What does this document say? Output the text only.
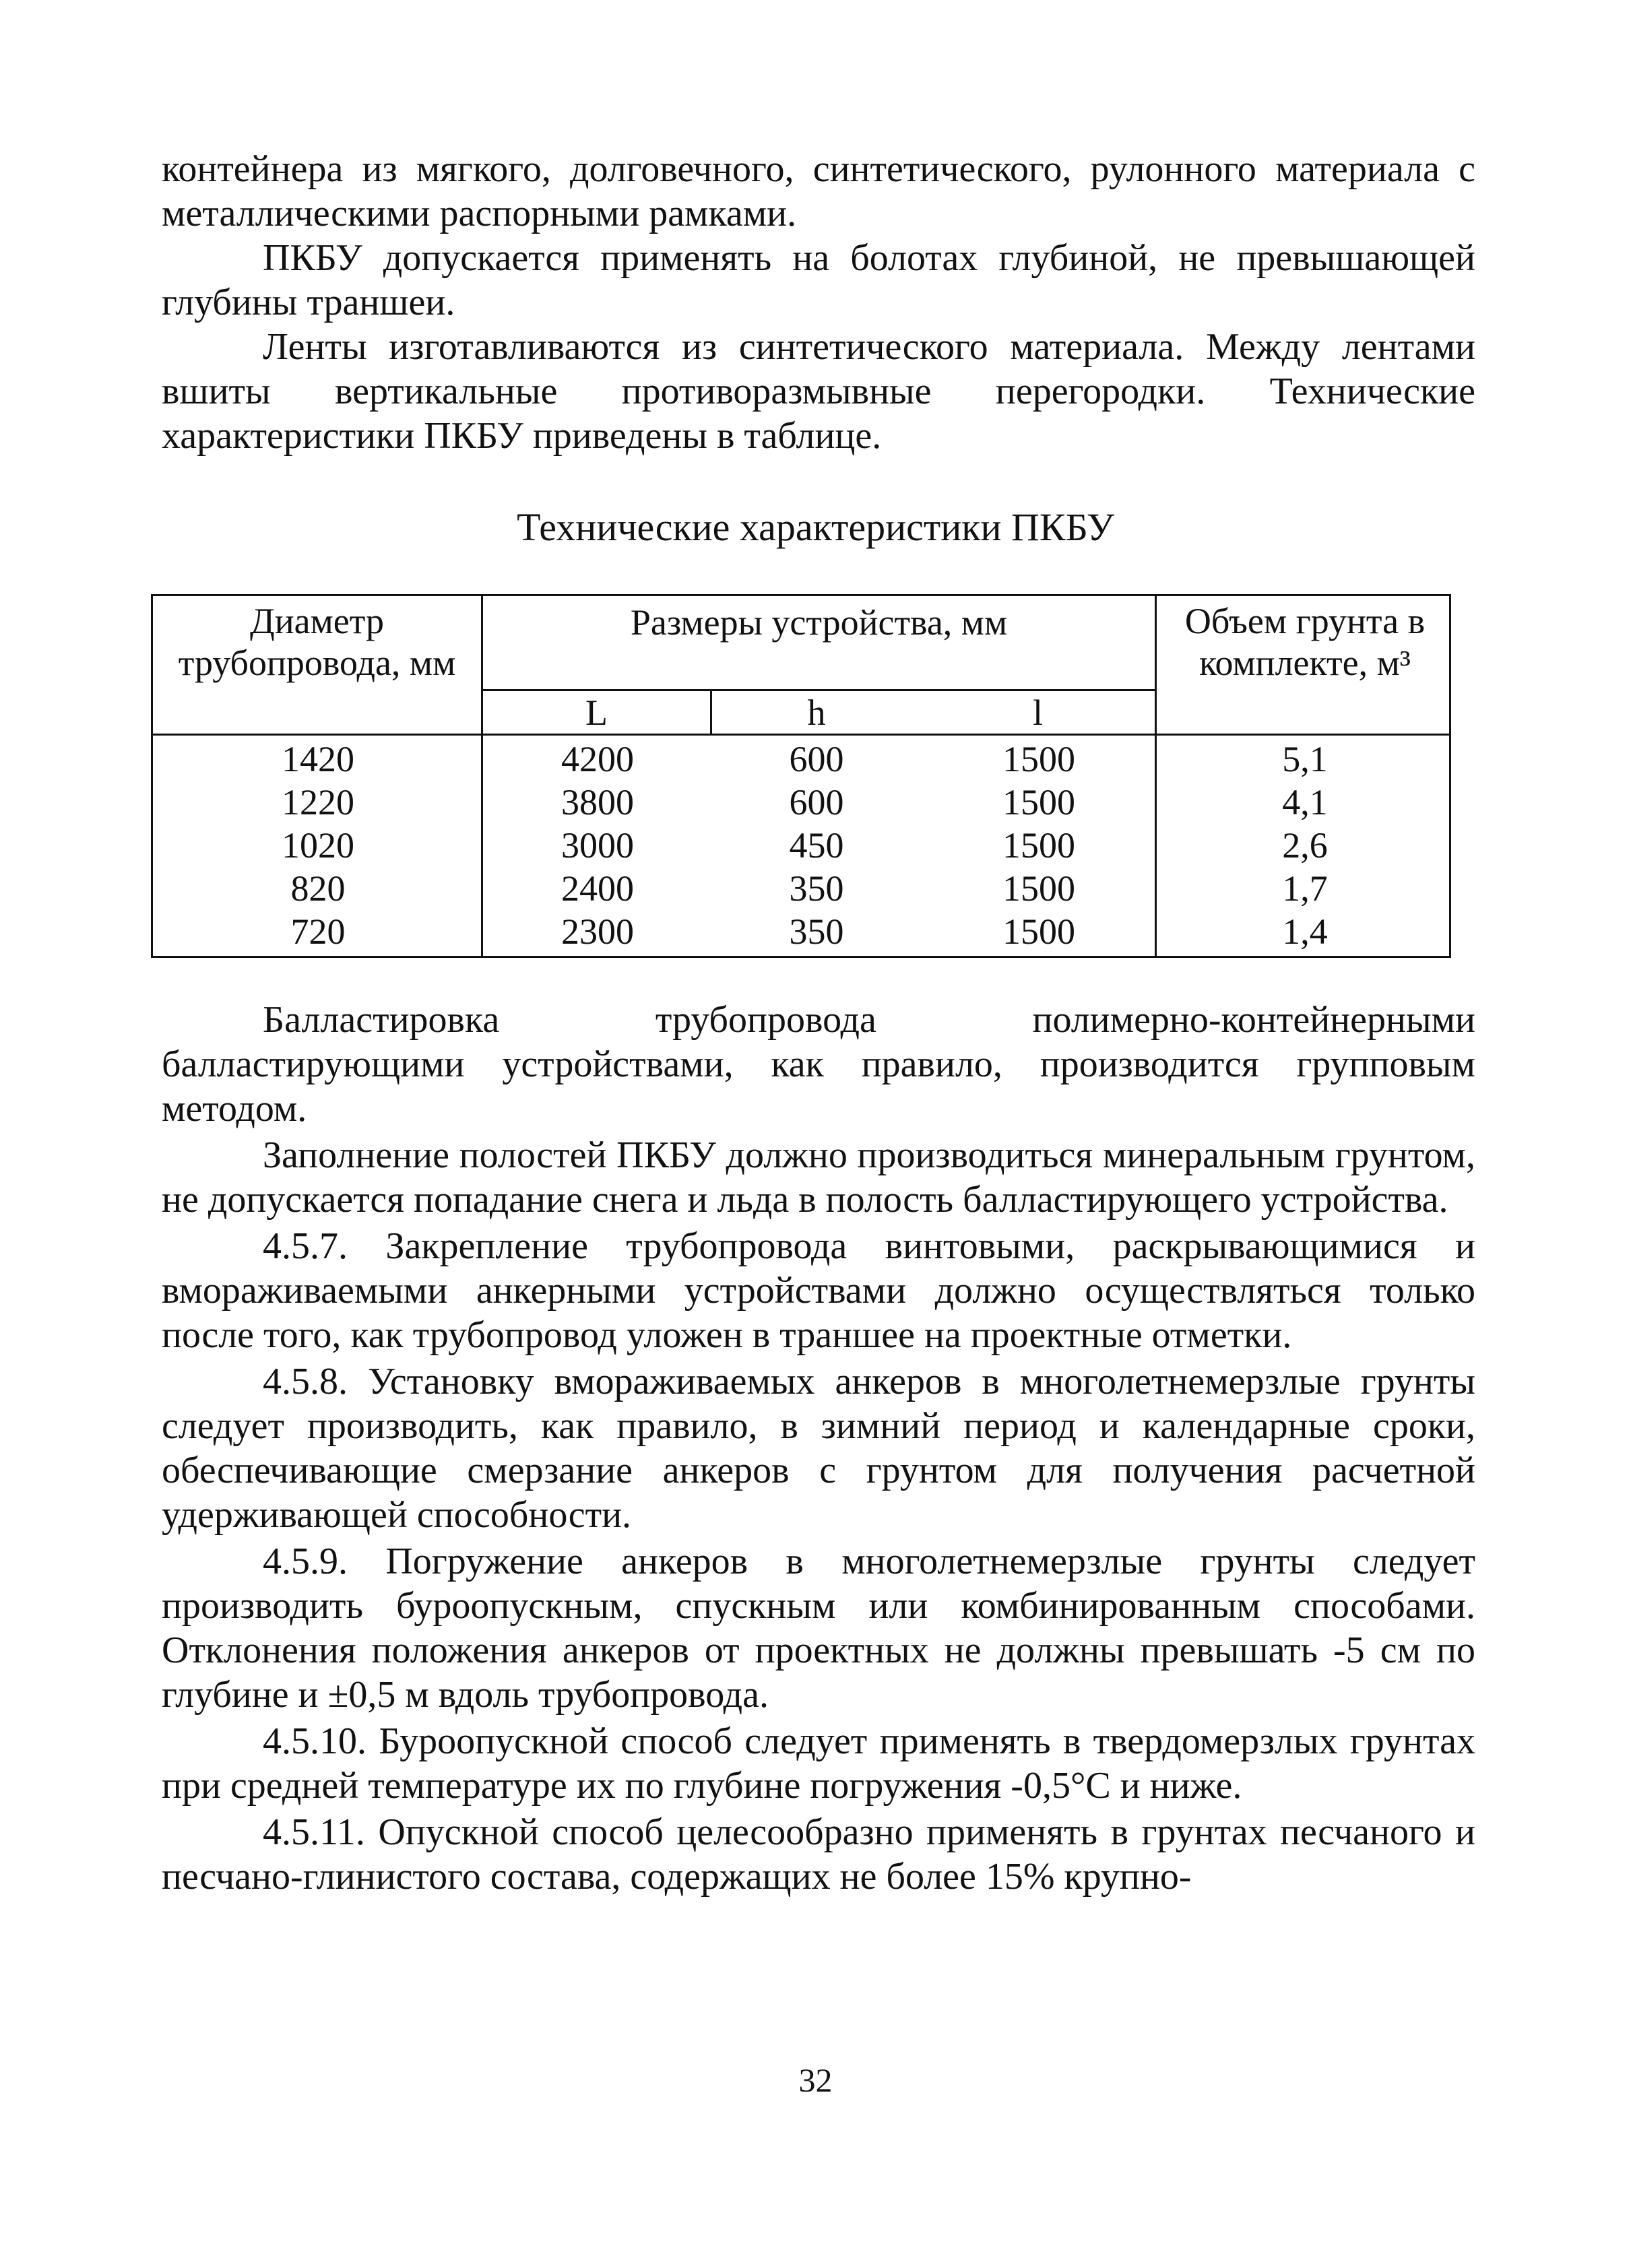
контейнера из мягкого, долговечного, синтетического, рулонного материала с металлическими распорными рамками.

ПКБУ допускается применять на болотах глубиной, не превышающей глубины траншеи.

Ленты изготавливаются из синтетического материала. Между лентами вшиты вертикальные противоразмывные перегородки. Технические характеристики ПКБУ приведены в таблице.

Технические характеристики ПКБУ
Диаметр трубопровода, мм
Размеры устройства, мм	Объем грунта в комплекте, м³
L	h	l
1420	4200	600	1500	5,1
1220	3800	600	1500	4,1
1020	3000	450	1500	2,6
820	2400	350	1500	1,7
720	2300	350	1500	1,4

Балластировка трубопровода полимерно-контейнерными балластирующими устройствами, как правило, производится групповым методом.

Заполнение полостей ПКБУ должно производиться минеральным грунтом, не допускается попадание снега и льда в полость балластирующего устройства.

4.5.7. Закрепление трубопровода винтовыми, раскрывающимися и вмораживаемыми анкерными устройствами должно осуществляться только после того, как трубопровод уложен в траншее на проектные отметки.

4.5.8. Установку вмораживаемых анкеров в многолетнемерзлые грунты следует производить, как правило, в зимний период и календарные сроки, обеспечивающие смерзание анкеров с грунтом для получения расчетной удерживающей способности.

4.5.9. Погружение анкеров в многолетнемерзлые грунты следует производить буроопускным, спускным или комбинированным способами. Отклонения положения анкеров от проектных не должны превышать -5 см по глубине и ±0,5 м вдоль трубопровода.

4.5.10. Буроопускной способ следует применять в твердомерзлых грунтах при средней температуре их по глубине погружения -0,5°С и ниже.

4.5.11. Опускной способ целесообразно применять в грунтах песчаного и песчано-глинистого состава, содержащих не более 15% крупно-

32
